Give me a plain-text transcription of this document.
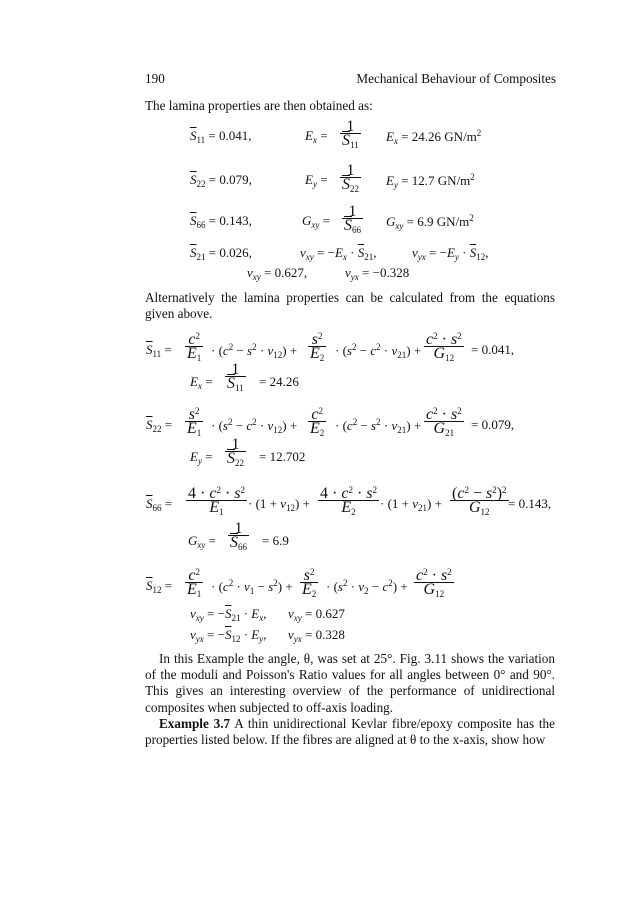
190	Mechanical Behaviour of Composites
The lamina properties are then obtained as:
$\overline{S}_{11} = 0.041$,	$E_x = \frac{1}{\overline{S}_{11}} E_x = 24.26$ $GN/m^2$
$\overline{S}_{22} = 0.079$,	$E_y = \frac{1}{\overline{S}_{22}} E_y = 12.7$ $GN/m^2$
$\overline{S}_{66} = 0.143$,	$G_{xy} = \frac{1}{\overline{S}_{66}} G_{xy} = 6.9$ $GN/m^2$
$\overline{S}_{21} = 0.026$,	$\nu_{xy} = -E_x \cdot \overline{S}_{21}$,	$\nu_{yx} = -E_y \cdot \overline{S}_{12}$,
$\nu_{xy} = 0.627$,	$\nu_{yx} = -0.328$
Alternatively the lamina properties can be calculated from the equations given above.
$\overline{S}_{11} = \frac{c^2}{E_1} \cdot (c^2 - s^2 \cdot \nu_{12}) + \frac{s^2}{E_2} \cdot (s^2 - c^2 \cdot \nu_{21}) + \frac{c^2 \cdot s^2}{G_{12}} = 0.041$,
$E_x = \frac{1}{\overline{S}_{11}} = 24.26$
$\overline{S}_{22} = \frac{s^2}{E_1} \cdot (s^2 - c^2 \cdot \nu_{12}) + \frac{c^2}{E_2} \cdot (c^2 - s^2 \cdot \nu_{21}) + \frac{c^2 \cdot s^2}{G_{21}} = 0.079$,
$E_y = \frac{1}{\overline{S}_{22}} = 12.702$
$\overline{S}_{66} = \frac{4 \cdot c^2 \cdot s^2}{E_1} \cdot (1 + \nu_{12}) + \frac{4 \cdot c^2 \cdot s^2}{E_2} \cdot (1 + \nu_{21}) + \frac{(c^2 - s^2)^2}{G_{12}} = 0.143$,
$G_{xy} = \frac{1}{\overline{S}_{66}} = 6.9$
$\overline{S}_{12} = \frac{c^2}{E_1} \cdot (c^2 \cdot \nu_1 - s^2) + \frac{s^2}{E_2} \cdot (s^2 \cdot \nu_2 - c^2) + \frac{c^2 \cdot s^2}{G_{12}}$
$\nu_{xy} = -\overline{S}_{21} \cdot E_x$, $\nu_{xy} = 0.627$
$\nu_{yx} = -\overline{S}_{12} \cdot E_y$, $\nu_{yx} = 0.328$
In this Example the angle, θ, was set at 25°. Fig. 3.11 shows the variation of the moduli and Poisson's Ratio values for all angles between 0° and 90°. This gives an interesting overview of the performance of unidirectional composites when subjected to off-axis loading.
Example 3.7 A thin unidirectional Kevlar fibre/epoxy composite has the properties listed below. If the fibres are aligned at θ to the x-axis, show how
